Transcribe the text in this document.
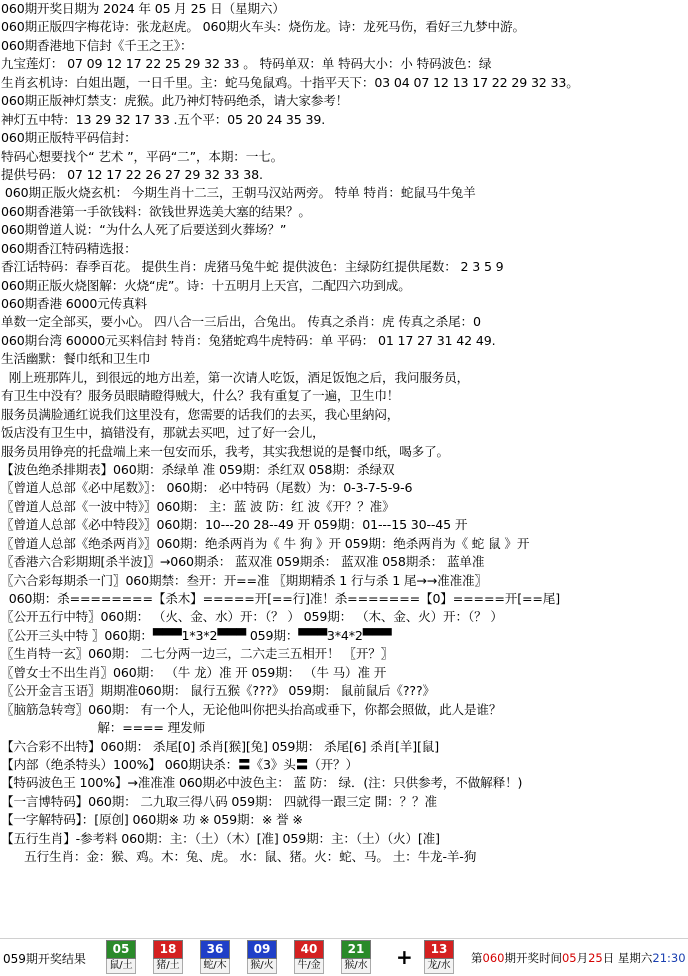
060期开奖日期为 2024 年 05 月 25 日（星期六）
060期正版四字梅花诗：张龙赵虎。 060期火车头：烧伤龙。诗：龙死马伤，看好三九梦中游。
060期香港地下信封《千王之王》：
九宝莲灯： 07 09 12 17 22 25 29 32 33 。 特码单双：单 特码大小：小 特码波色：绿
生肖玄机诗：白姐出题，一日千里。主：蛇马兔鼠鸡。十指平天下：03 04 07 12 13 17 22 29 32 33。
060期正版神灯禁支：虎猴。此乃神灯特码绝杀，请大家参考！
神灯五中特：13 29 32 17 33 .五个平：05 20 24 35 39.
060期正版特平码信封：
特码心想要找个“ 艺术 ”，平码“二”，本期：一七。
提供号码： 07 12 17 22 26 27 29 32 33 38.
060期正版火烧玄机： 今期生肖十二三，王朝马汉站两旁。 特单 特肖：蛇鼠马牛兔羊
060期香港第一手欲钱料：欲钱世界选美大塞的结果？。
060期曾道人说：“为什么人死了后要送到火葬场？”
060期香江特码精选报：
香江话特码：春季百花。 提供生肖：虎猪马兔牛蛇 提供波色：主绿防红提供尾数： 2 3 5 9
060期正版火烧图解：火烧“虎”。诗：十五明月上天宫，二配四六功到成。
060期香港 6000元传真料
单数一定全部买，要小心。 四八合一三后出，合兔出。 传真之杀肖：虎 传真之杀尾：0
060期台湾 60000元买料信封 特肖：兔猪蛇鸡牛虎特码：单 平码： 01 17 27 31 42 49.
生活幽默：餐巾纸和卫生巾
刚上班那阵儿，到很远的地方出差，第一次请人吃饭，酒足饭饱之后，我问服务员，
有卫生中没有？服务员眼睛瞪得贼大，什么？我有重复了一遍，卫生巾！
服务员满脸通红说我们这里没有，您需要的话我们的去买，我心里納闷，
饭店没有卫生中，搞错没有，那就去买吧，过了好一会儿，
服务员用铮亮的托盘端上来一包安而乐，我考，其实我想说的是餐巾纸，喝多了。
【波色绝杀排期表】060期：杀绿单 准 059期：杀红双 058期：杀绿双
〖曾道人总部《必中尾数》〗： 060期： 必中特码（尾数）为：0-3-7-5-9-6
〖曾道人总部《一波中特》〗060期： 主：蓝 波 防：红 波《开？？准》
〖曾道人总部《必中特段》〗060期：10---20 28--49 开 059期：01---15 30--45 开
〖曾道人总部《绝杀两肖》〗060期：绝杀两肖为《 牛 狗 》开 059期：绝杀两肖为《 蛇 鼠 》开
〖香港六合彩期期[杀半波]〗→060期杀： 蓝双准 059期杀： 蓝双准 058期杀： 蓝单准
〖六合彩每期杀一门〗060期禁：叁开：开==准 〖期期精杀 1 行与杀 1 尾→→准准准〗
060期：杀========【杀木】=====开[==行]准！杀=======【0】=====开[==尾]
〖公开五行中特〗060期： （火、金、水）开：（？ ） 059期： （木、金、火）开：（？ ）
〖公开三头中特 〗060期：▀▀▀1*3*2▀▀▀ 059期：▀▀▀3*4*2▀▀▀
〖生肖特一玄〗060期： 二七分两一边三，二六走三五相开！ 〖开？〗
〖曾女士不出生肖〗060期： （牛 龙）准 开 059期： （牛 马）准 开
〖公开金言玉语〗期期准060期： 鼠行五猴《???》 059期： 鼠前鼠后《???》
〖脑筋急转弯〗060期： 有一个人，无论他叫你把头抬高或垂下，你都会照做，此人是谁？
解：==== 理发师
【六合彩不出特】060期： 杀尾[0] 杀肖[猴][兔] 059期： 杀尾[6] 杀肖[羊][鼠]
【内部（绝杀特头）100%】 060期诀杀：〓《3》头〓（开？）
【特码波色王 100%】→准准准 060期必中波色主： 蓝 防： 绿．(注：只供参考，不做解释！)
【一言博特码】060期： 二九取三得八码 059期： 四就得一跟三定 開：？？准
【一字解特码】：[原创] 060期※ 功 ※ 059期：※ 誉 ※
【五行生肖】-参考料 060期：主：（土）（木）[准] 059期：主：（土）（火）[准]
五行生肖：金：猴、鸡。木：兔、虎。 水：鼠、猪。火：蛇、马。 土：牛龙-羊-狗
059期开奖结果
05
鼠/土
18
猪/土
36
蛇/木
09
猴/火
40
牛/金
21
猴/水
13
龙/水
+	第060期开奖时间05月25日 星期六21:30
